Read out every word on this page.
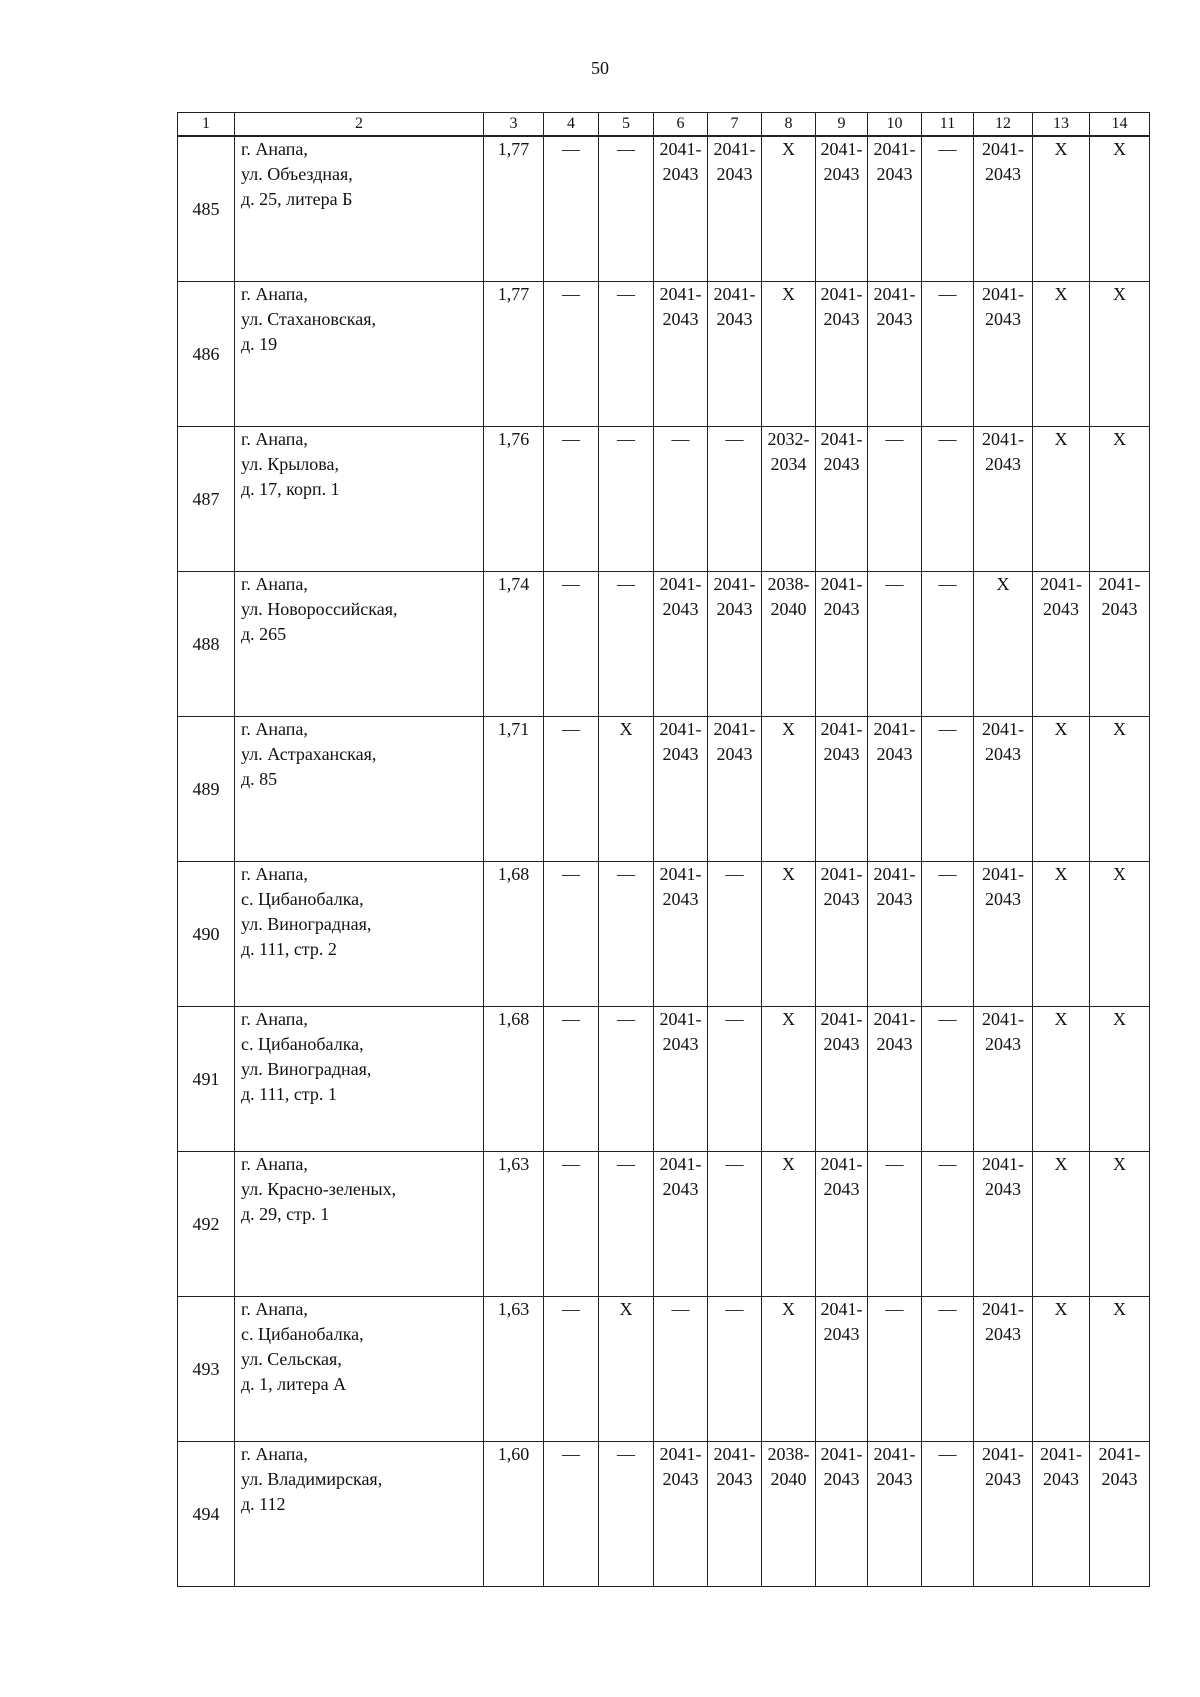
50
1	2	3	4	5	6	7	8	9	10	11	12	13	14
485	г. Анапа,
ул. Объездная,
д. 25, литера Б	1,77	—	—	2041-
2043	2041-
2043	Х	2041-
2043	2041-
2043	—	2041-
2043	Х	Х

486	г. Анапа,
ул. Стахановская,
д. 19	1,77	—	—	2041-
2043	2041-
2043	Х	2041-
2043	2041-
2043	—	2041-
2043	Х	Х

487	г. Анапа,
ул. Крылова,
д. 17, корп. 1	1,76	—	—	—	—	2032-
2034	2041-
2043	—	—	2041-
2043	Х	Х

488	г. Анапа,
ул. Новороссийская,
д. 265	1,74	—	—	2041-
2043	2041-
2043	2038-
2040	2041-
2043	—	—	Х	2041-
2043	2041-
2043

489	г. Анапа,
ул. Астраханская,
д. 85	1,71	—	Х	2041-
2043	2041-
2043	Х	2041-
2043	2041-
2043	—	2041-
2043	Х	Х

490	г. Анапа,
с. Цибанобалка,
ул. Виноградная,
д. 111, стр. 2	1,68	—	—	2041-
2043	—	Х	2041-
2043	2041-
2043	—	2041-
2043	Х	Х

491	г. Анапа,
с. Цибанобалка,
ул. Виноградная,
д. 111, стр. 1	1,68	—	—	2041-
2043	—	Х	2041-
2043	2041-
2043	—	2041-
2043	Х	Х

492	г. Анапа,
ул. Красно-зеленых,
д. 29, стр. 1	1,63	—	—	2041-
2043	—	Х	2041-
2043	—	—	2041-
2043	Х	Х

493	г. Анапа,
с. Цибанобалка,
ул. Сельская,
д. 1, литера А	1,63	—	Х	—	—	Х	2041-
2043	—	—	2041-
2043	Х	Х

494	г. Анапа,
ул. Владимирская,
д. 112	1,60	—	—	2041-
2043	2041-
2043	2038-
2040	2041-
2043	2041-
2043	—	2041-
2043	2041-
2043	2041-
2043
